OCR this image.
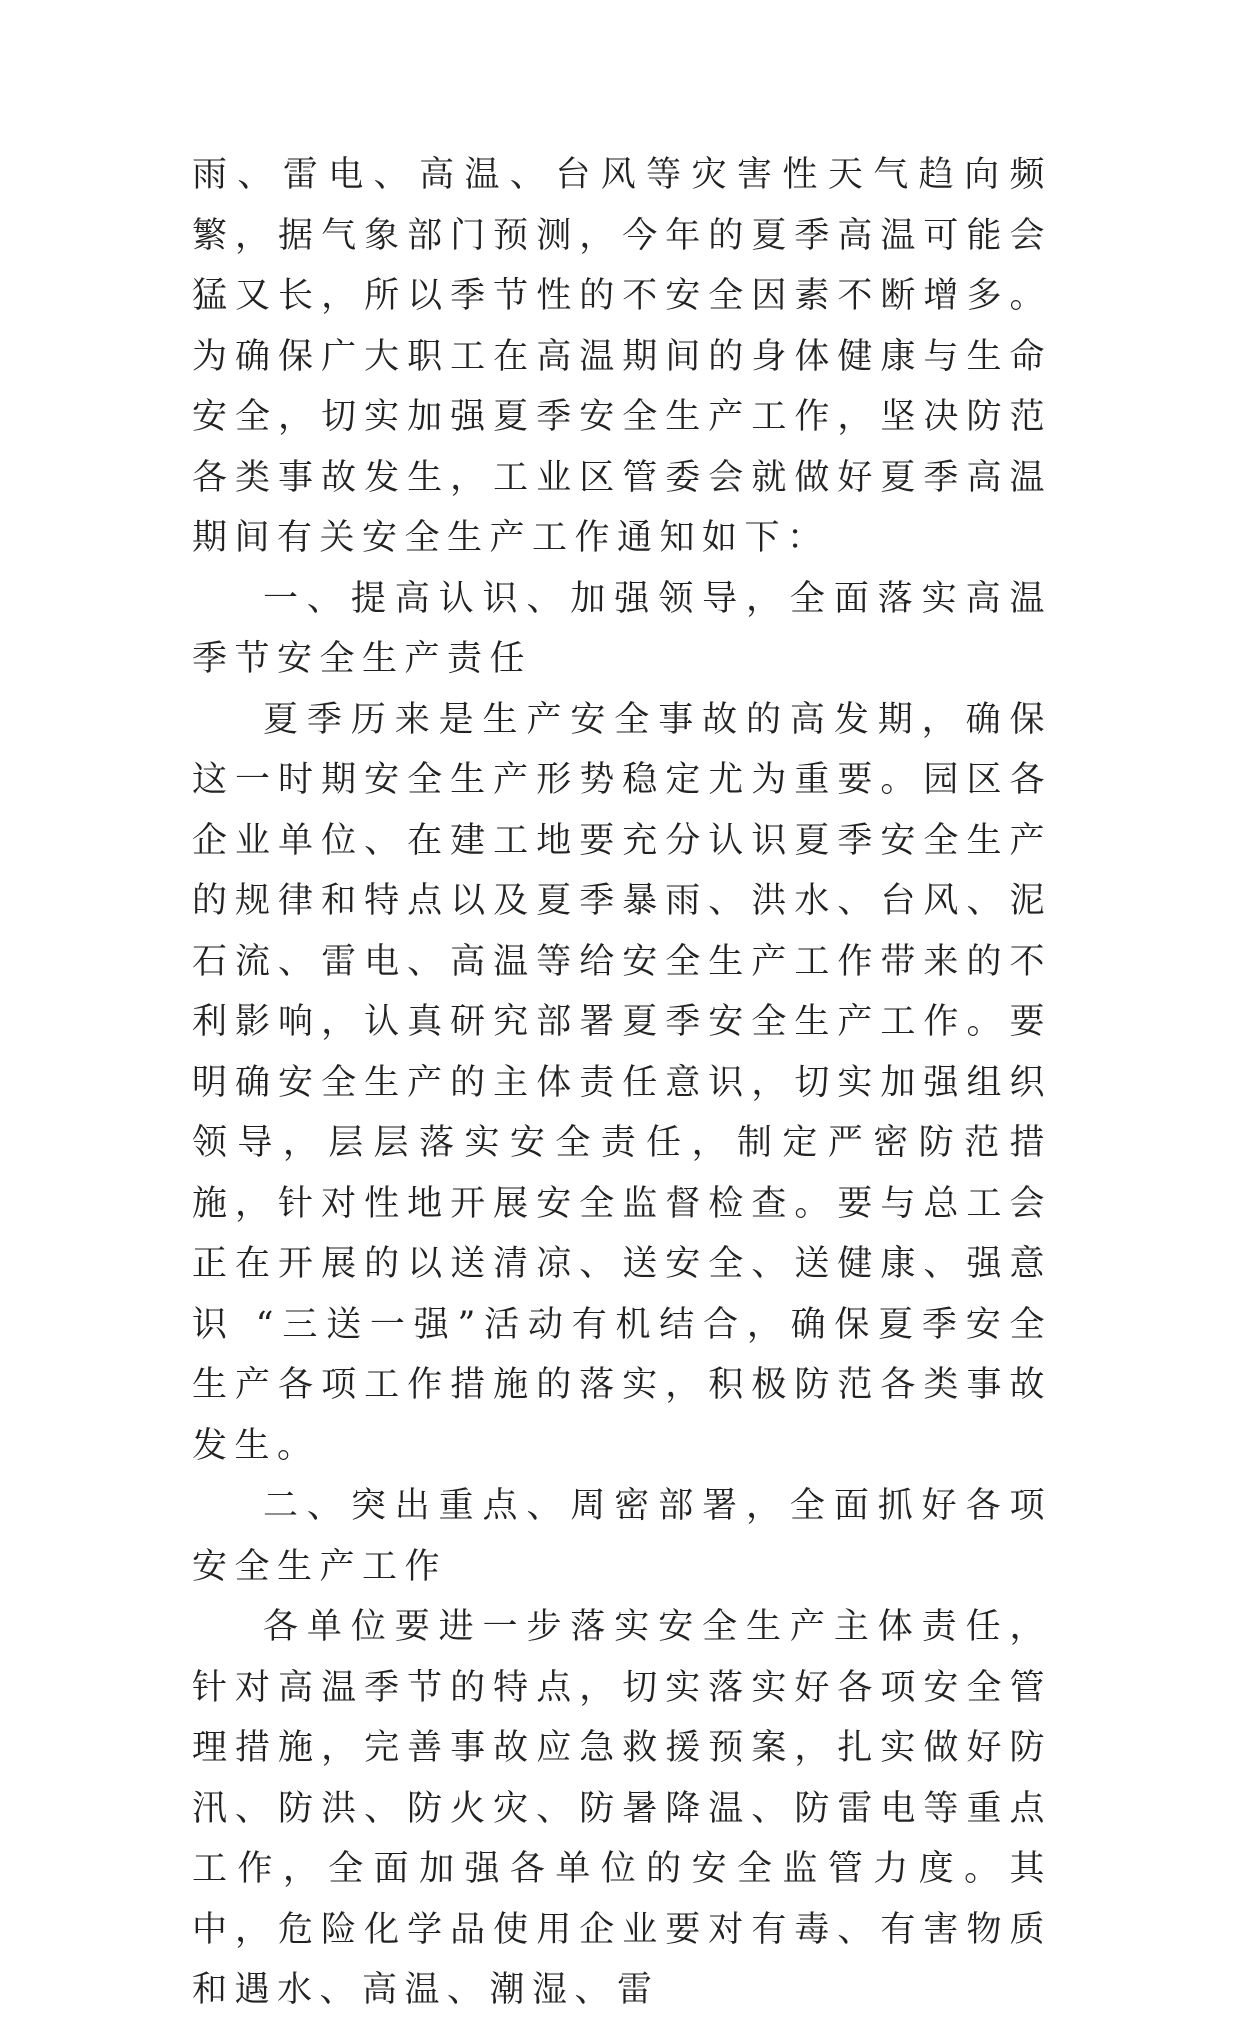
雨、雷电、高温、台风等灾害性天气趋向频繁，据气象部门预测，今年的夏季高温可能会猛又长，所以季节性的不安全因素不断增多。为确保广大职工在高温期间的身体健康与生命安全，切实加强夏季安全生产工作，坚决防范各类事故发生，工业区管委会就做好夏季高温期间有关安全生产工作通知如下：

一、提高认识、加强领导，全面落实高温季节安全生产责任

夏季历来是生产安全事故的高发期，确保这一时期安全生产形势稳定尤为重要。园区各企业单位、在建工地要充分认识夏季安全生产的规律和特点以及夏季暴雨、洪水、台风、泥石流、雷电、高温等给安全生产工作带来的不利影响，认真研究部署夏季安全生产工作。要明确安全生产的主体责任意识，切实加强组织领导，层层落实安全责任，制定严密防范措施，针对性地开展安全监督检查。要与总工会正在开展的以送清凉、送安全、送健康、强意识 “三送一强”活动有机结合，确保夏季安全生产各项工作措施的落实，积极防范各类事故发生。

二、突出重点、周密部署，全面抓好各项安全生产工作

各单位要进一步落实安全生产主体责任，针对高温季节的特点，切实落实好各项安全管理措施，完善事故应急救援预案，扎实做好防汛、防洪、防火灾、防暑降温、防雷电等重点工作，全面加强各单位的安全监管力度。其中，危险化学品使用企业要对有毒、有害物质和遇水、高温、潮湿、雷
